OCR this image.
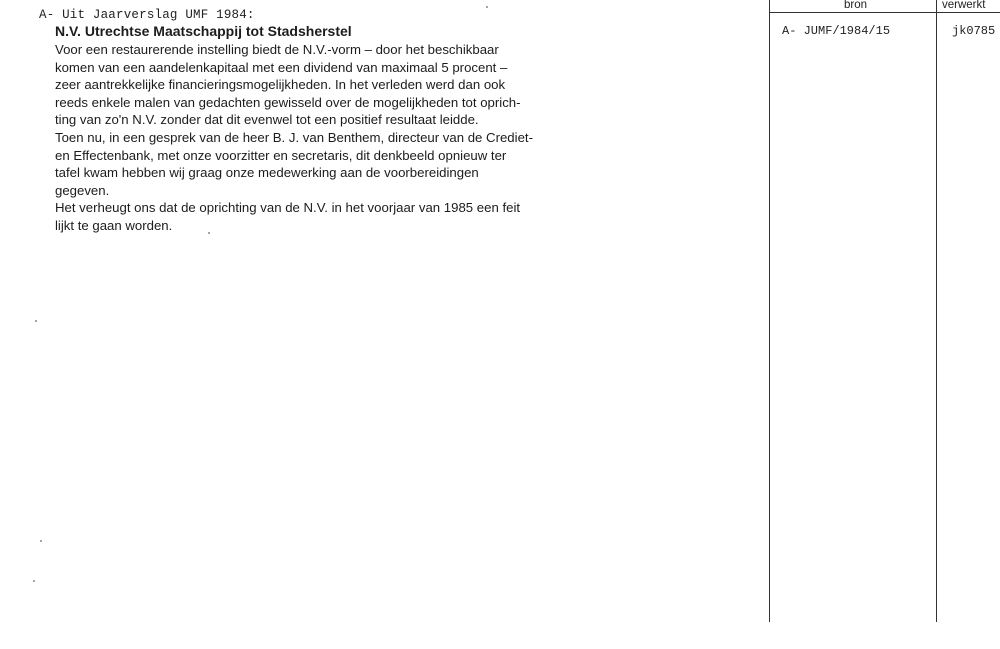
A- Uit Jaarverslag UMF 1984:
N.V. Utrechtse Maatschappij tot Stadsherstel

Voor een restaurerende instelling biedt de N.V.-vorm – door het beschikbaar
komen van een aandelenkapitaal met een dividend van maximaal 5 procent –
zeer aantrekkelijke financieringsmogelijkheden. In het verleden werd dan ook
reeds enkele malen van gedachten gewisseld over de mogelijkheden tot oprich-
ting van zo'n N.V. zonder dat dit evenwel tot een positief resultaat leidde.

Toen nu, in een gesprek van de heer B. J. van Benthem, directeur van de Crediet-
en Effectenbank, met onze voorzitter en secretaris, dit denkbeeld opnieuw ter
tafel kwam hebben wij graag onze medewerking aan de voorbereidingen
gegeven.

Het verheugt ons dat de oprichting van de N.V. in het voorjaar van 1985 een feit
lijkt te gaan worden.

bron	verwerkt
A- JUMF/1984/15	jk0785
